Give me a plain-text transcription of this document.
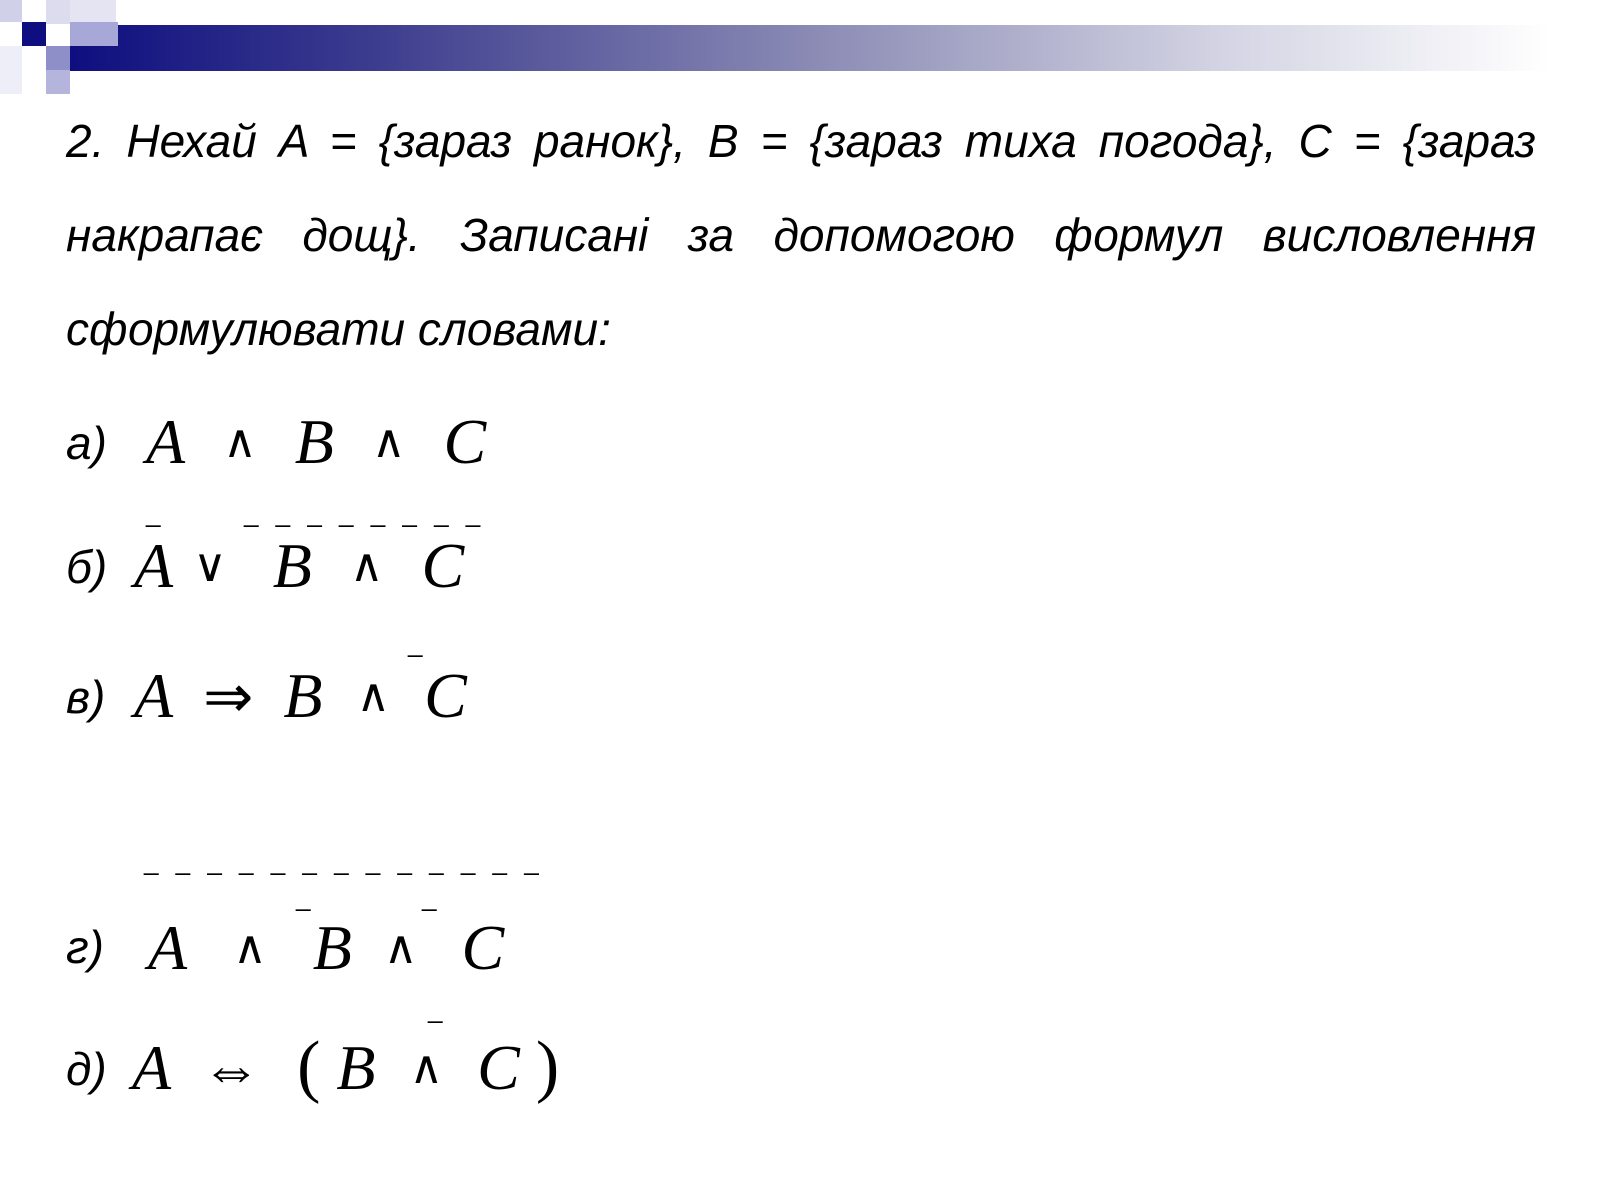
2. Нехай A = {зараз ранок}, B = {зараз тиха погода}, C = {зараз накрапає дощ}. Записані за допомогою формул висловлення сформулювати словами:

а) A ∧ B ∧ C
_	_ _ _ _ _ _ _ _
б) A ∨ B ∧ C
_
в) A ⇒ B ∧ C
_ _ _ _ _ _ _ _ _ _ _ _ _
_	_
г) A ∧ B ∧ C
_
д) A ⇔ ( B ∧ C )
